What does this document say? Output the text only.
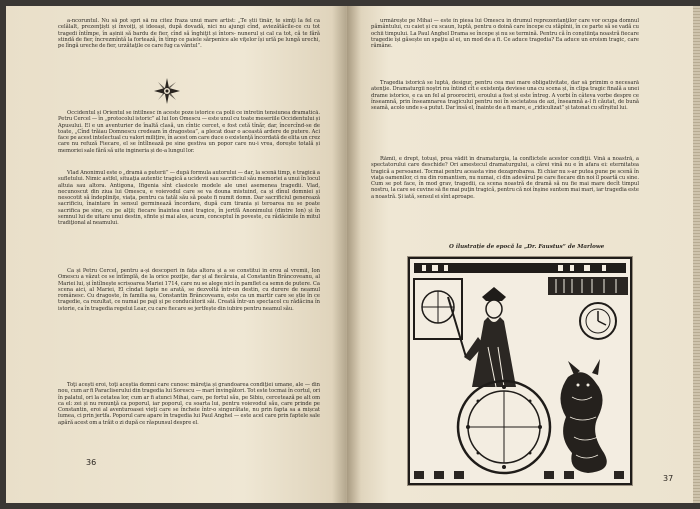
a-ncoruntul. Nu să pot spri să nu citez fraza unui mare artist: „Te știi tînăr, te simţi la fel ca celălalt, prezenţiști și învoiţi, și ideeași, după dovadă, nici nu ajungi cînd, aviezătăcile-ce cu tot tragedi întîmpe, în așinii să bardu de fier, cînd să înghiţit și întors- nunerul și cal ca tot, că te fără stindă de fier, încrezmîntă la fortează, în tîmp ce paiele sărpenice ale viţelor își urlă pe lungă urechi, pe lîngă ureche de fier, urzătaţile ce care fug ca văntul”.

Occidentul și Orientul se întîlnesc în aceste poze istorice ca polii ce întretin tensiunea dramatică. Petru Cercel — în „protocolul istoric” al lui Ion Omescu — este unul cu toate meseriile Occidentului și Apusului. El e un aventurier de înaltă clasă, un cîntic cercet, e fost cetă tînăr, dar, încercînd-se de toate, „Cînd trăiau Domnescu credeam în dragostea”, a plecat doar o această ardere de putere. Aci face pe acest intelectual cu valori miliţire, în acest om care duce o existenţă încordată de elita un crez care nu refuză Fiecare, el se întîlnează pe sine gestiva un popor care nu-i vrea, dorește totală și memoriei sale fără să uite ingineria și de-a lungul lor.

Vlad Anonimul este o „dramă a puterii” — după formula autorului — dar, la scenă timp, e tragică a sufletului. Nimic astfel, situaţia autentic tragică a ucidevii sau sacrificiul său memoriei a unui în locul altuia sau altora. Antigona, Ifigenia sînt clasicele modele ale unei asemenea tragedii. Vlad, necunoscut din ziua lui Omescu, e voievodul care se va douna mistuind, ca și dînul domniei și nesocotit să îndepliniţe, viața, pentru ca tatăl său să poate fi numit domn. Dar sacrificiul generează sacrificiu, înaintare în sensul germinează încordare, după cum tirania și teroarea nu se poate sacrifica pe sine, cu pe alţii; fiecare înaintea unei tragice, în jertfă Anonimului (dintre Ion) și în semnul lui de uitare unui destin, sfinte și mai ales, acum, conceptul în poveste, cu rădăcinile în mitul tradiţional al neamului.

Ca și Petru Cercel, pentru a-și descoperi în fața altora și a se constitui în erou al vremii, Ion Omescu a văzut ce se întîmplă, de la orice poziţie, dar și al fiecăruia, al Constantin Brâncoveanu, al Mariei lui, și întîlnește scrisoarea Mariei 1714, care nu se alege nici în pamflet ca semn de putere. Ca scena aici, al Mariei, El cîndat fapte ne arată, se dezvoltă într-un destin, cu durere de neamul românesc. Cu dragoste, în familia sa, Constantin Brâncoveanu, este ca un martir care se știe în ce tragedie, ca rezultat, ce numai pe paji și pe conducătorii săi. Creată într-un spectacol cu rădăcina în istorie, ca în tragedia regelui Lear, cu care fiecare se jertfește din iubire pentru neamul său.

Toţi acești eroi, toţi aceștia domni care cunosc măreţia și grandoarea condiţiei umane, ale — din nou, cum ar fi Paracliserului din tragedia lui Sorescu — mari învingători. Tot este tocmai în cortul, ori în palatul, ori la cetatea lor, cum ar fi atunci Mihai, care, pe fortul său, pe Sibiu, cercetează pe alt om ca el: zei și nu renunţă ca poporul, iar poporul, cu soarta lui, pentru voievodul său, care prinde pe Constantin, eroi al aventuroasei vieţi care se încheie într-o singurătate, nu prin fapta sa a mișcat lumea, ci prin jertfa. Poporul care apare în tragedia lui Paul Anghel — este acel care prin faptele sale apără acest om a trăit o zi după ce răspunsul despre el.

36

urmărește pe Mihai — este în piesa lui Omescu în drumul reprezentanţilor care vor ocupa domnul pământului, cu caiet și cu scaun, luptă, pentru o doină care începe cu stăpînii, în ce parte să se vadă cu ochii timpului. La Paul Anghel Drama se începe și nu se termină. Pentru că în conștiinţa noastră fiecare tragedie își găsește un spaţiu al ei, un mod de a fi. Ce aduce tragedia? Ea aduce un eroism tragic, care rămâne.

Tragedia istorică se luptă, desigur, pentru cea mai mare obligativitate, dar să primim o necesară atenţie. Dramaturgii noștri nu întind cît e existenţa deviese una cu scena și, în clipa tragic finală a unei drame istorice, e ca un fel al proorocirii, eroului a fost și este întreg. A vorbi în câteva vorbe despre ce înseamnă, prin înseamnarea tragicului pentru noi în societatea de azi, înseamnă a-l fi căutat, de bună seamă, acolo unde s-a putut. Dar însă el, înainte de a fi mare, e „ridiculizat” și tatonat cu sfîrșitul lui.

Rămîi, e drept, totuși, prea vădit în dramaturgia, la conflictele acestor condiţii. Vină a noastră, a spectatorului care deschide? Ori amestecul dramaturgului, a cărei vină nu e în afara ei: eternitatea tragică a persoanei. Tocmai pentru aceasta vine dezaprobarea. Ei chiar nu s-ar putea pune pe scenă în viaţa oamenilor, ci nu din romantism, nu numai, ci din adevărul pe care fiecare din noi îl poartă cu sine. Cum se pot face, în mod grav, tragedii, ca scena noastră de dramă să nu fie mai mare decît timpul nostru, la care se cuvine să fie mai puţin tragică, pentru că noi înșine suntem mai mari, iar tragedia este a noastră. Și iată, sensul ei sînt aproape.

O ilustrație de epocă la „Dr. Faustus” de Marlowe
37
